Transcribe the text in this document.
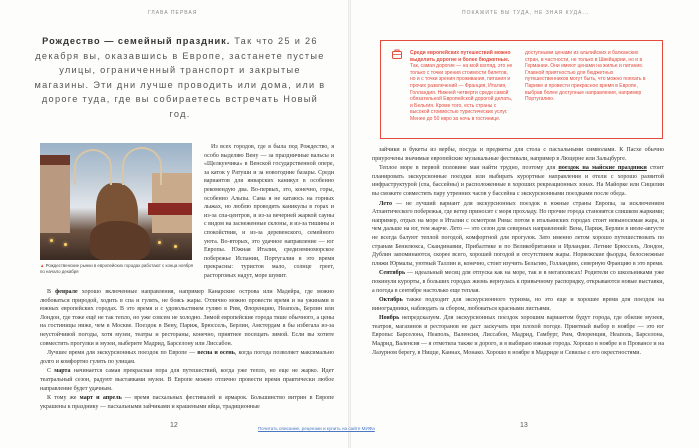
ГЛАВА ПЕРВАЯ
Рождество — семейный праздник. Так что 25 и 26 декабря вы, оказавшись в Европе, застанете пустые улицы, ограниченный транспорт и закрытые магазины. Эти дни лучше проводить или дома, или в дороге туда, где вы собираетесь встречать Новый год.
▲ Рождественские рынки в европейских городах работают с конца ноября по начало декабря

Из всех городов, где я была под Рождество, я особо выделяю Вену — за праздничные вальсы и «Щелкунчика» в Венской государственной опере, за каток у Ратуши и за новогодние базары. Среди вариантов для январских каникул в особенно рекомендую два. Во-первых, это, конечно, горы, особенно Альпы. Сама я не катаюсь на горных лыжах, но люблю проводить каникулы в горах и из-за спа-центров, и из-за вечерней жаркой сауны с видом на заснеженные склоны, и из-за тишины и спокойствия, и из-за деревенского, семейного уюта. Во-вторых, это удачное направление — юг Европы. Южная Италия, средиземноморское побережье Испании, Португалия в это время прекрасны: туристов мало, солнце греет, расторговых надут, море шумит.

В феврале хорошо включенные направления, например Канарские острова или Мадейра, где можно любоваться природой, ходить в спа и гулять, не боясь жары. Отлично можно провести время и на ужинами в южных европейских городах. В это время и с удовольствием гуляю в Рим, Флоренцию, Неаполь, Берлин или Лондон, где тоже ещё не так тепло, но уже совсем не холодно. Зимой европейские города тише обычного, а цены на гостиницы ниже, чем в Москве. Поездок в Вену, Париж, Брюссель, Берлин, Амстердам я бы избегала из-за неустойчивой погоды, хотя музеи, театры и рестораны, конечно, приятнее посещать зимой. Если вы хотите совместить прогулки и музеи, выберите Мадрид, Барселону или Лиссабон.

Лучшее время для экскурсионных поездок по Европе — весна и осень, когда погода позволяет максимально долго и комфортно гулять по улицам.

С марта начинается самая прекрасная пора для путешествий, когда уже тепло, но еще не жарко. Идет театральный сезон, радуют выставками музеи. В Европе можно отлично провести время практически любое направление будет удачным.

К тому же март и апрель — время пасхальных фестивалей и ярмарок. Большинство витрин в Европе украшены к празднику — пасхальными зайчиками и крашеными яйца, традиционные

12
ПОКАЖИТЕ ВЫ ТУДА, НЕ ЗНАЯ КУДА...
Среди европейских путешествий можно выделить дорогие и более бюджетные. Так, самая дорогие — на мой взгляд, это не только с точки зрения стоимости билетов, но и с точки зрения проживания, питания и прочих развлечений — Франция, Италия, Голландия. Нижней четверти среди самой обязательной Европейской дорогой делать, и Бельгия. Кроме того, есть страны с высокой стоимостью туристических услуг. Менее до 50 евро за ночь в гостинице.
доступными ценами из альпийских и балканских стран, в частности, не только в Швейцарии, но и в Германии. Они имеют ценами на жилье и питание. Главной приятностью для бюджетных путешественников могут быть, что можно поехать в Париже и провести прекрасное время в Европе, выбрав более доступные направления, например Португалию.

зайчики и букеты из вербы, посуда и предметы для стола с пасхальными символами. К Пасхе обычно приурочены значимые европейские музыкальные фестивали, например в Люцерне или Зальцбурге.

Теплое море в первой половине мая найти трудно, поэтому для поездок на майские праздники стоит планировать экскурсионные поездки или выбирать курортные направления и отели с хорошо развитой инфраструктурой (спа, бассейны) и расположенные в хороших рекреационных зонах. На Майорке или Сицилии вы сможете совместить пару утренних часов у бассейна с экскурсионными поездками после обеда.

Лето — не лучший вариант для экскурсионных поездок в южные страны Европы, за исключением Атлантического побережья, где ветер приносит с моря прохладу. Но прочие города становятся слишком жаркими; например, отдых на море в Италии с осмотром Рима: потом в итальянских городах стоит невыносимая жара, и чем дальше на юг, тем жарче. Лето — это сезон для северных направлений: Вена, Париж, Берлин в июле-августе не всегда балуют теплой погодой, комфортной для прогулок. Зато именно летом хорошо путешествовать по странам Бенилюкса, Скандинавии, Прибалтике и по Великобритании и Ирландии. Летние Брюссель, Лондон, Дублин запоминаются, скорее всего, хорошей погодой и отсутствием жары. Норвежские фьорды, белоснежные пляжи Юрмалы, уютный Таллин и, конечно, стоит изучить Бельгию, Голландию, северную Францию в это время.

Сентябрь — идеальный месяц для отпуска как на море, так и в мегаполисах! Родители со школьниками уже покинули курорты, в больших городах жизнь вернулась к привычному распорядку, открываются новые выставки, а погода в сентябре настолько еще теплая.

Октябрь также подходит для экскурсионного туризма, но это еще и хорошее время для поездок на виноградники, наблюдать за сбором, любоваться красными листьями.

Ноябрь непредсказуем. Для экскурсионных поездок хорошим вариантом будут города, где обилие музеев, театров, магазинов и ресторанов не даст заскучать при плохой погоде. Приятный выбор в ноябре — это юг Европы: Барселона, Неаполь, Валенсия, Лиссабон, Мадрид, Гамбург, Рим, Флоренция, Неаполь, Барселона, Мадрид, Валенсия — я отметила также и дорого, и я выбираю южные города. Хорошо в ноябре и в Провансе и на Лазурном берегу, в Ницце, Каннах, Монако. Хорошо в ноябре в Мадриде и Севилье с его окрестностями.

13
Почитать описание, рецензии и купить на сайте МИФа
